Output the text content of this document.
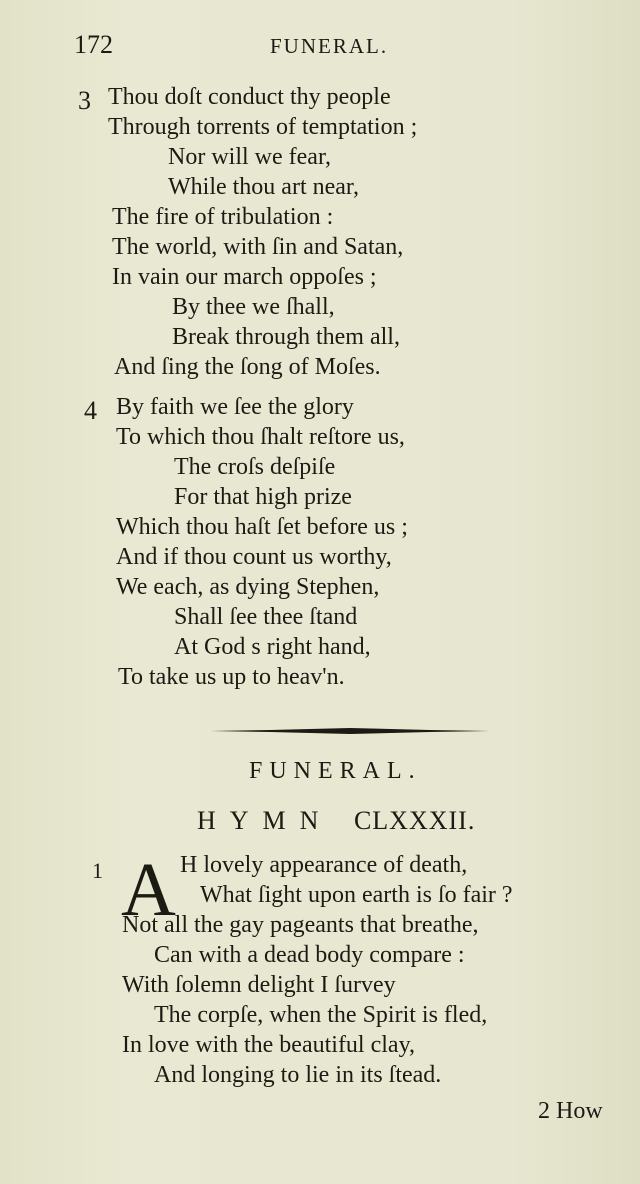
172	FUNERAL.
3 Thou doſt conduct thy people
Through torrents of temptation ;
Nor will we fear,
While thou art near,
The fire of tribulation :
The world, with ſin and Satan,
In vain our march oppoſes ;
By thee we ſhall,
Break through them all,
And ſing the ſong of Moſes.
4 By faith we ſee the glory
To which thou ſhalt reſtore us,
The croſs deſpiſe
For that high prize
Which thou haſt ſet before us ;
And if thou count us worthy,
We each, as dying Stephen,
Shall ſee thee ſtand
At God s right hand,
To take us up to heav'n.
FUNERAL.
HYMN CLXXXII.
1 A H lovely appearance of death,
What ſight upon earth is ſo fair ?
Not all the gay pageants that breathe,
Can with a dead body compare :
With ſolemn delight I ſurvey
The corpſe, when the Spirit is fled,
In love with the beautiful clay,
And longing to lie in its ſtead.
2 How
